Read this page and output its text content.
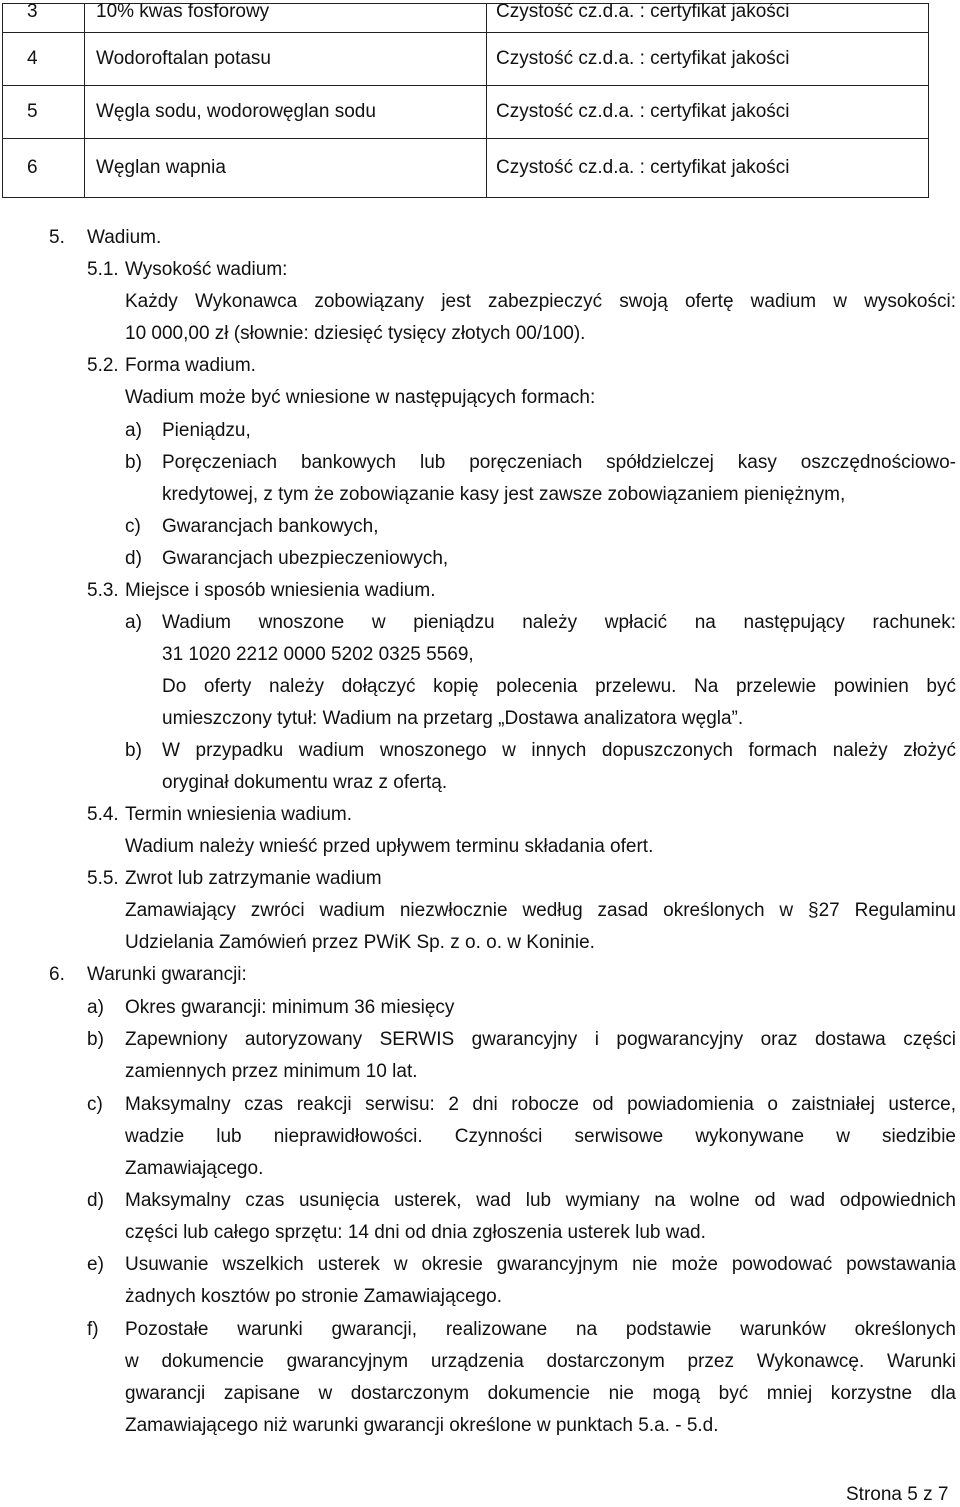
3	10% kwas fosforowy	Czystość cz.d.a. : certyfikat jakości
4	Wodoroftalan potasu	Czystość cz.d.a. : certyfikat jakości
5	Węgla sodu, wodorowęglan sodu	Czystość cz.d.a. : certyfikat jakości
6	Węglan wapnia	Czystość cz.d.a. : certyfikat jakości
5. Wadium.
5.1. Wysokość wadium:
Każdy Wykonawca zobowiązany jest zabezpieczyć swoją ofertę wadium w wysokości:
10 000,00 zł (słownie: dziesięć tysięcy złotych 00/100).
5.2. Forma wadium.
Wadium może być wniesione w następujących formach:
a) Pieniądzu,
b) Poręczeniach bankowych lub poręczeniach spółdzielczej kasy oszczędnościowo-
kredytowej, z tym że zobowiązanie kasy jest zawsze zobowiązaniem pieniężnym,
c) Gwarancjach bankowych,
d) Gwarancjach ubezpieczeniowych,
5.3. Miejsce i sposób wniesienia wadium.
a) Wadium wnoszone w pieniądzu należy wpłacić na następujący rachunek:
31 1020 2212 0000 5202 0325 5569,
Do oferty należy dołączyć kopię polecenia przelewu. Na przelewie powinien być
umieszczony tytuł: Wadium na przetarg „Dostawa analizatora węgla”.
b) W przypadku wadium wnoszonego w innych dopuszczonych formach należy złożyć
oryginał dokumentu wraz z ofertą.
5.4. Termin wniesienia wadium.
Wadium należy wnieść przed upływem terminu składania ofert.
5.5. Zwrot lub zatrzymanie wadium
Zamawiający zwróci wadium niezwłocznie według zasad określonych w §27 Regulaminu
Udzielania Zamówień przez PWiK Sp. z o. o. w Koninie.
6. Warunki gwarancji:
a) Okres gwarancji: minimum 36 miesięcy
b) Zapewniony autoryzowany SERWIS gwarancyjny i pogwarancyjny oraz dostawa części
zamiennych przez minimum 10 lat.
c) Maksymalny czas reakcji serwisu: 2 dni robocze od powiadomienia o zaistniałej usterce,
wadzie lub nieprawidłowości. Czynności serwisowe wykonywane w siedzibie
Zamawiającego.
d) Maksymalny czas usunięcia usterek, wad lub wymiany na wolne od wad odpowiednich
części lub całego sprzętu: 14 dni od dnia zgłoszenia usterek lub wad.
e) Usuwanie wszelkich usterek w okresie gwarancyjnym nie może powodować powstawania
żadnych kosztów po stronie Zamawiającego.
f) Pozostałe warunki gwarancji, realizowane na podstawie warunków określonych
w dokumencie gwarancyjnym urządzenia dostarczonym przez Wykonawcę. Warunki
gwarancji zapisane w dostarczonym dokumencie nie mogą być mniej korzystne dla
Zamawiającego niż warunki gwarancji określone w punktach 5.a. - 5.d.
Strona 5 z 7
